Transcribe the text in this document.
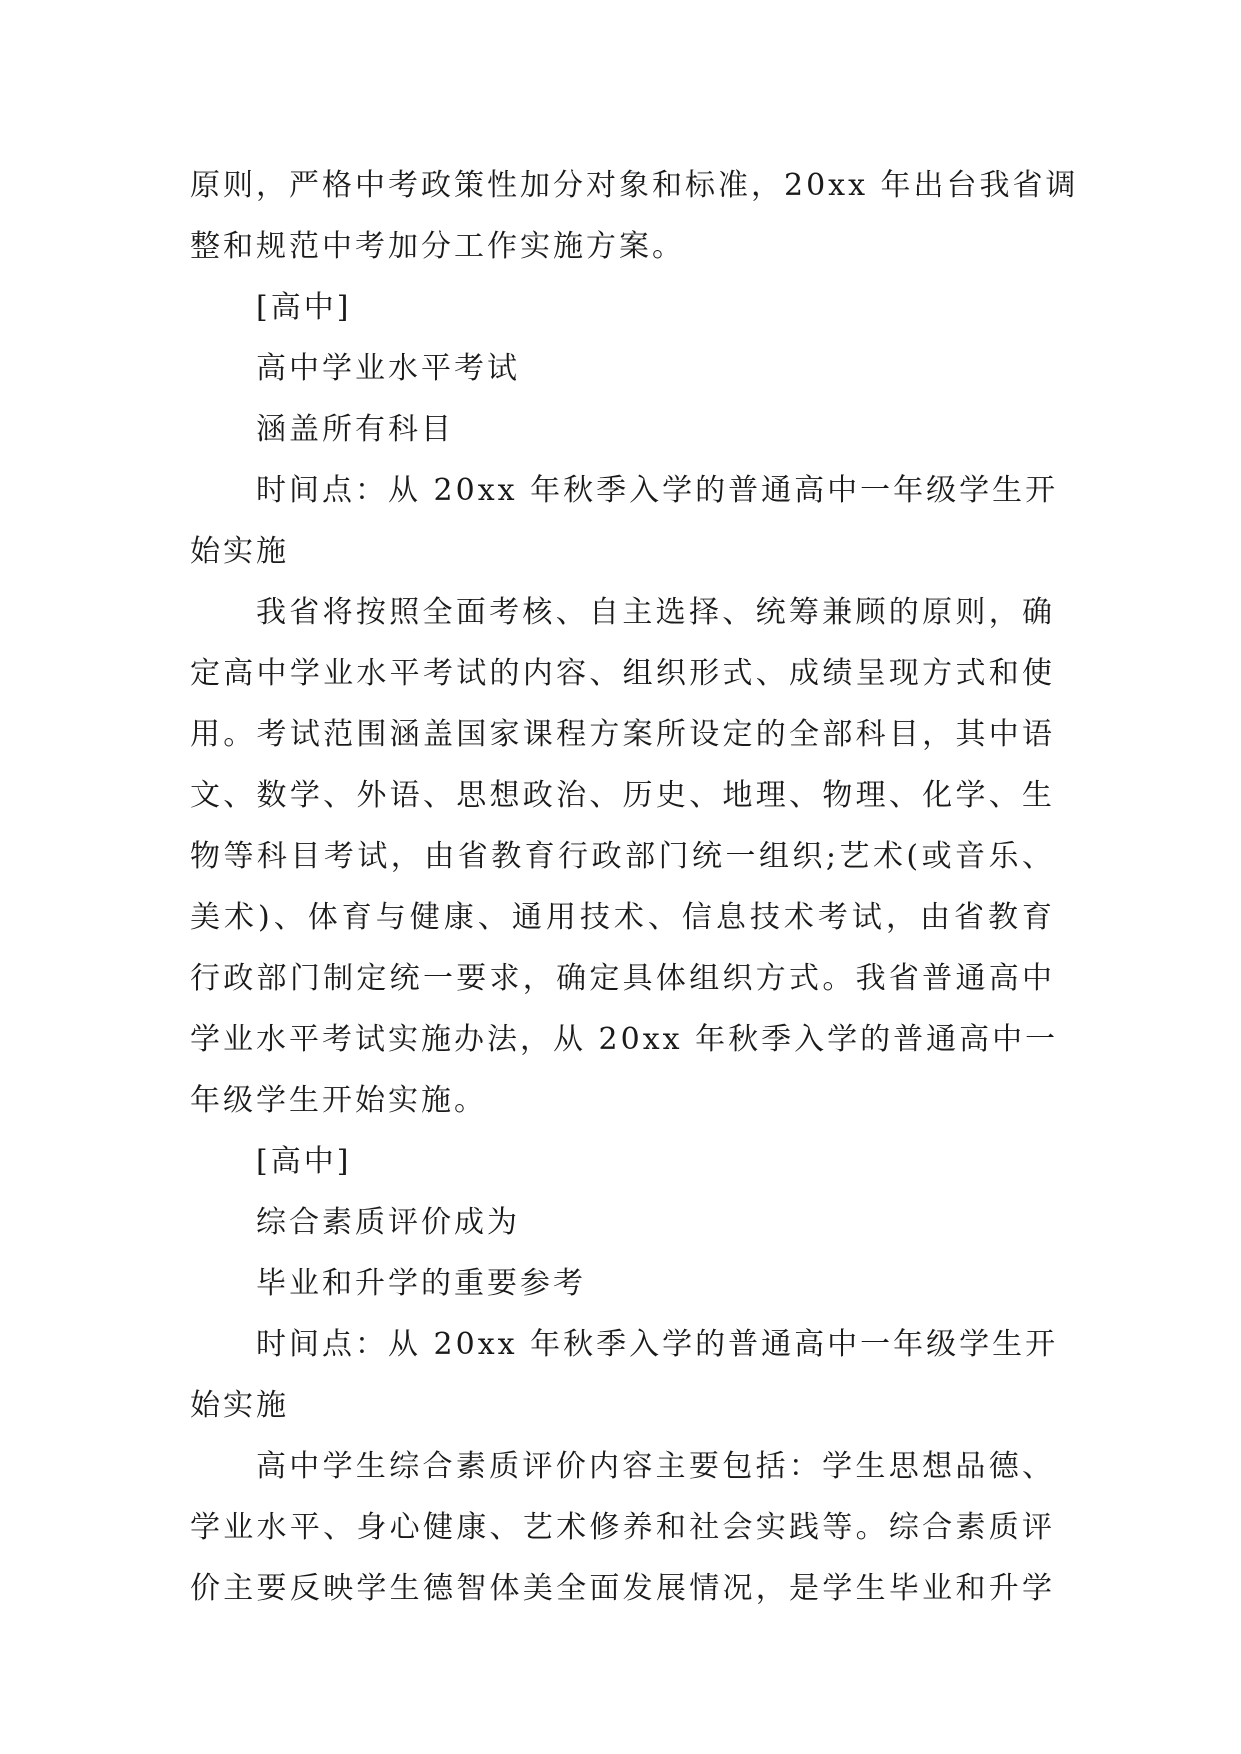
原则，严格中考政策性加分对象和标准，20xx 年出台我省调
整和规范中考加分工作实施方案。
[高中]
高中学业水平考试
涵盖所有科目
时间点：从 20xx 年秋季入学的普通高中一年级学生开
始实施
我省将按照全面考核、自主选择、统筹兼顾的原则，确
定高中学业水平考试的内容、组织形式、成绩呈现方式和使
用。考试范围涵盖国家课程方案所设定的全部科目，其中语
文、数学、外语、思想政治、历史、地理、物理、化学、生
物等科目考试，由省教育行政部门统一组织;艺术(或音乐、
美术)、体育与健康、通用技术、信息技术考试，由省教育
行政部门制定统一要求，确定具体组织方式。我省普通高中
学业水平考试实施办法，从 20xx 年秋季入学的普通高中一
年级学生开始实施。
[高中]
综合素质评价成为
毕业和升学的重要参考
时间点：从 20xx 年秋季入学的普通高中一年级学生开
始实施
高中学生综合素质评价内容主要包括：学生思想品德、
学业水平、身心健康、艺术修养和社会实践等。综合素质评
价主要反映学生德智体美全面发展情况，是学生毕业和升学
